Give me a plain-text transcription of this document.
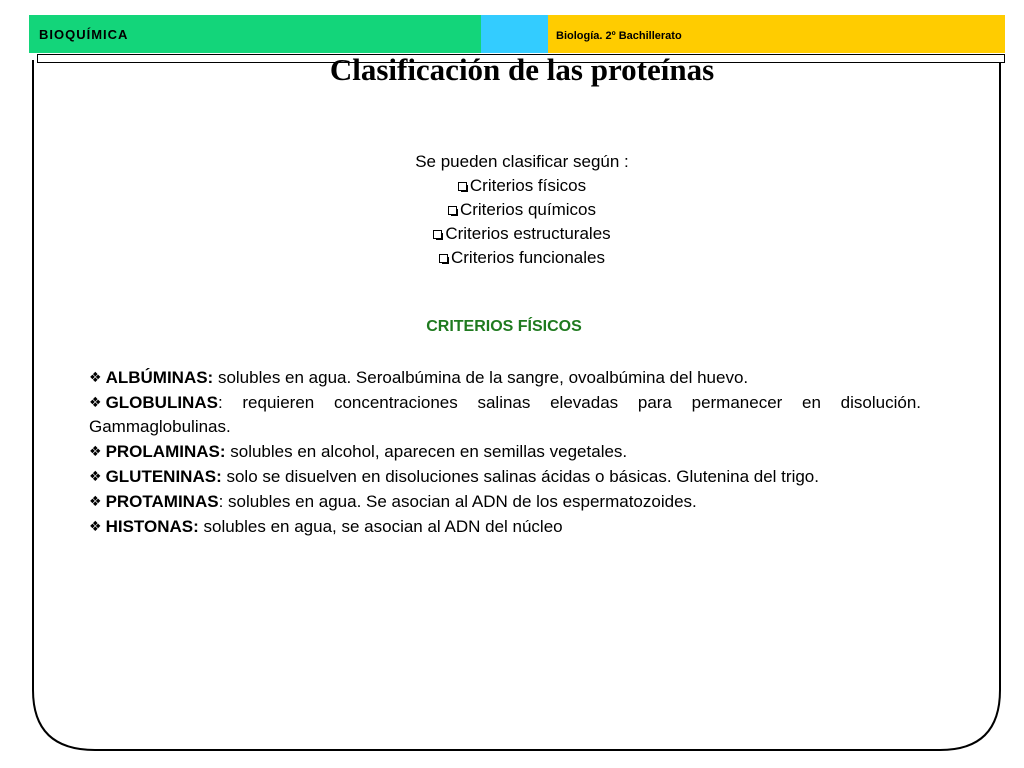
BIOQUÍMICA	Biología. 2º Bachillerato
Clasificación de las proteínas
Se pueden clasificar según :
Criterios físicos
Criterios químicos
Criterios estructurales
Criterios funcionales
CRITERIOS FÍSICOS

❖ ALBÚMINAS: solubles en agua. Seroalbúmina de la sangre, ovoalbúmina del huevo.

❖ GLOBULINAS: requieren concentraciones salinas elevadas para permanecer en disolución. Gammaglobulinas.

❖ PROLAMINAS: solubles en alcohol, aparecen en semillas vegetales.

❖ GLUTENINAS: solo se disuelven en disoluciones salinas ácidas o básicas. Glutenina del trigo.

❖ PROTAMINAS: solubles en agua. Se asocian al ADN de los espermatozoides.

❖ HISTONAS: solubles en agua, se asocian al ADN del núcleo
